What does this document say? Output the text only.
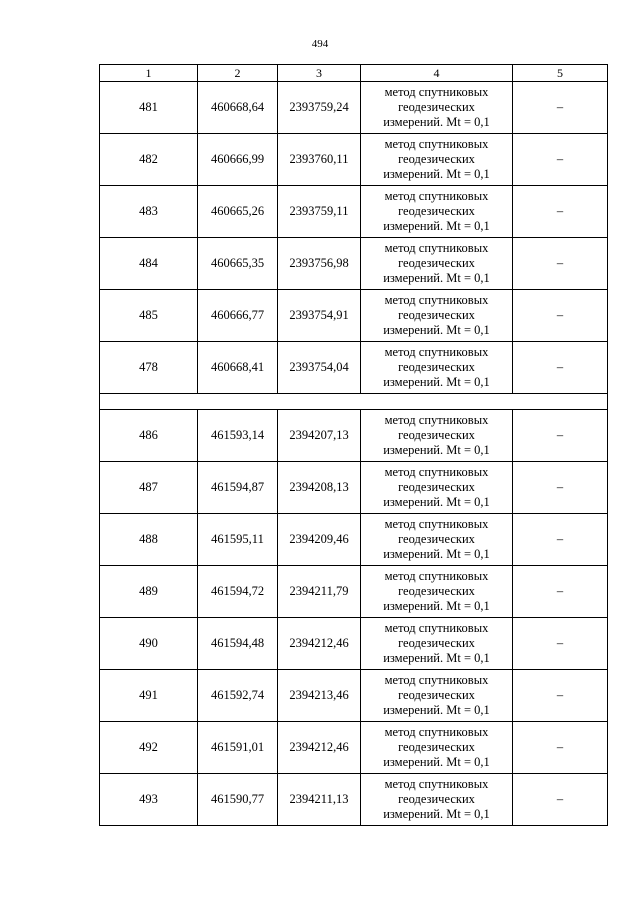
494
1	2	3	4	5
481	460668,64	2393759,24	метод спутниковых
геодезических
измерений. Mt = 0,1	–
482	460666,99	2393760,11	метод спутниковых
геодезических
измерений. Mt = 0,1	–
483	460665,26	2393759,11	метод спутниковых
геодезических
измерений. Mt = 0,1	–
484	460665,35	2393756,98	метод спутниковых
геодезических
измерений. Mt = 0,1	–
485	460666,77	2393754,91	метод спутниковых
геодезических
измерений. Mt = 0,1	–
478	460668,41	2393754,04	метод спутниковых
геодезических
измерений. Mt = 0,1	–

486	461593,14	2394207,13	метод спутниковых
геодезических
измерений. Mt = 0,1	–
487	461594,87	2394208,13	метод спутниковых
геодезических
измерений. Mt = 0,1	–
488	461595,11	2394209,46	метод спутниковых
геодезических
измерений. Mt = 0,1	–
489	461594,72	2394211,79	метод спутниковых
геодезических
измерений. Mt = 0,1	–
490	461594,48	2394212,46	метод спутниковых
геодезических
измерений. Mt = 0,1	–
491	461592,74	2394213,46	метод спутниковых
геодезических
измерений. Mt = 0,1	–
492	461591,01	2394212,46	метод спутниковых
геодезических
измерений. Mt = 0,1	–
493	461590,77	2394211,13	метод спутниковых
геодезических
измерений. Mt = 0,1	–
